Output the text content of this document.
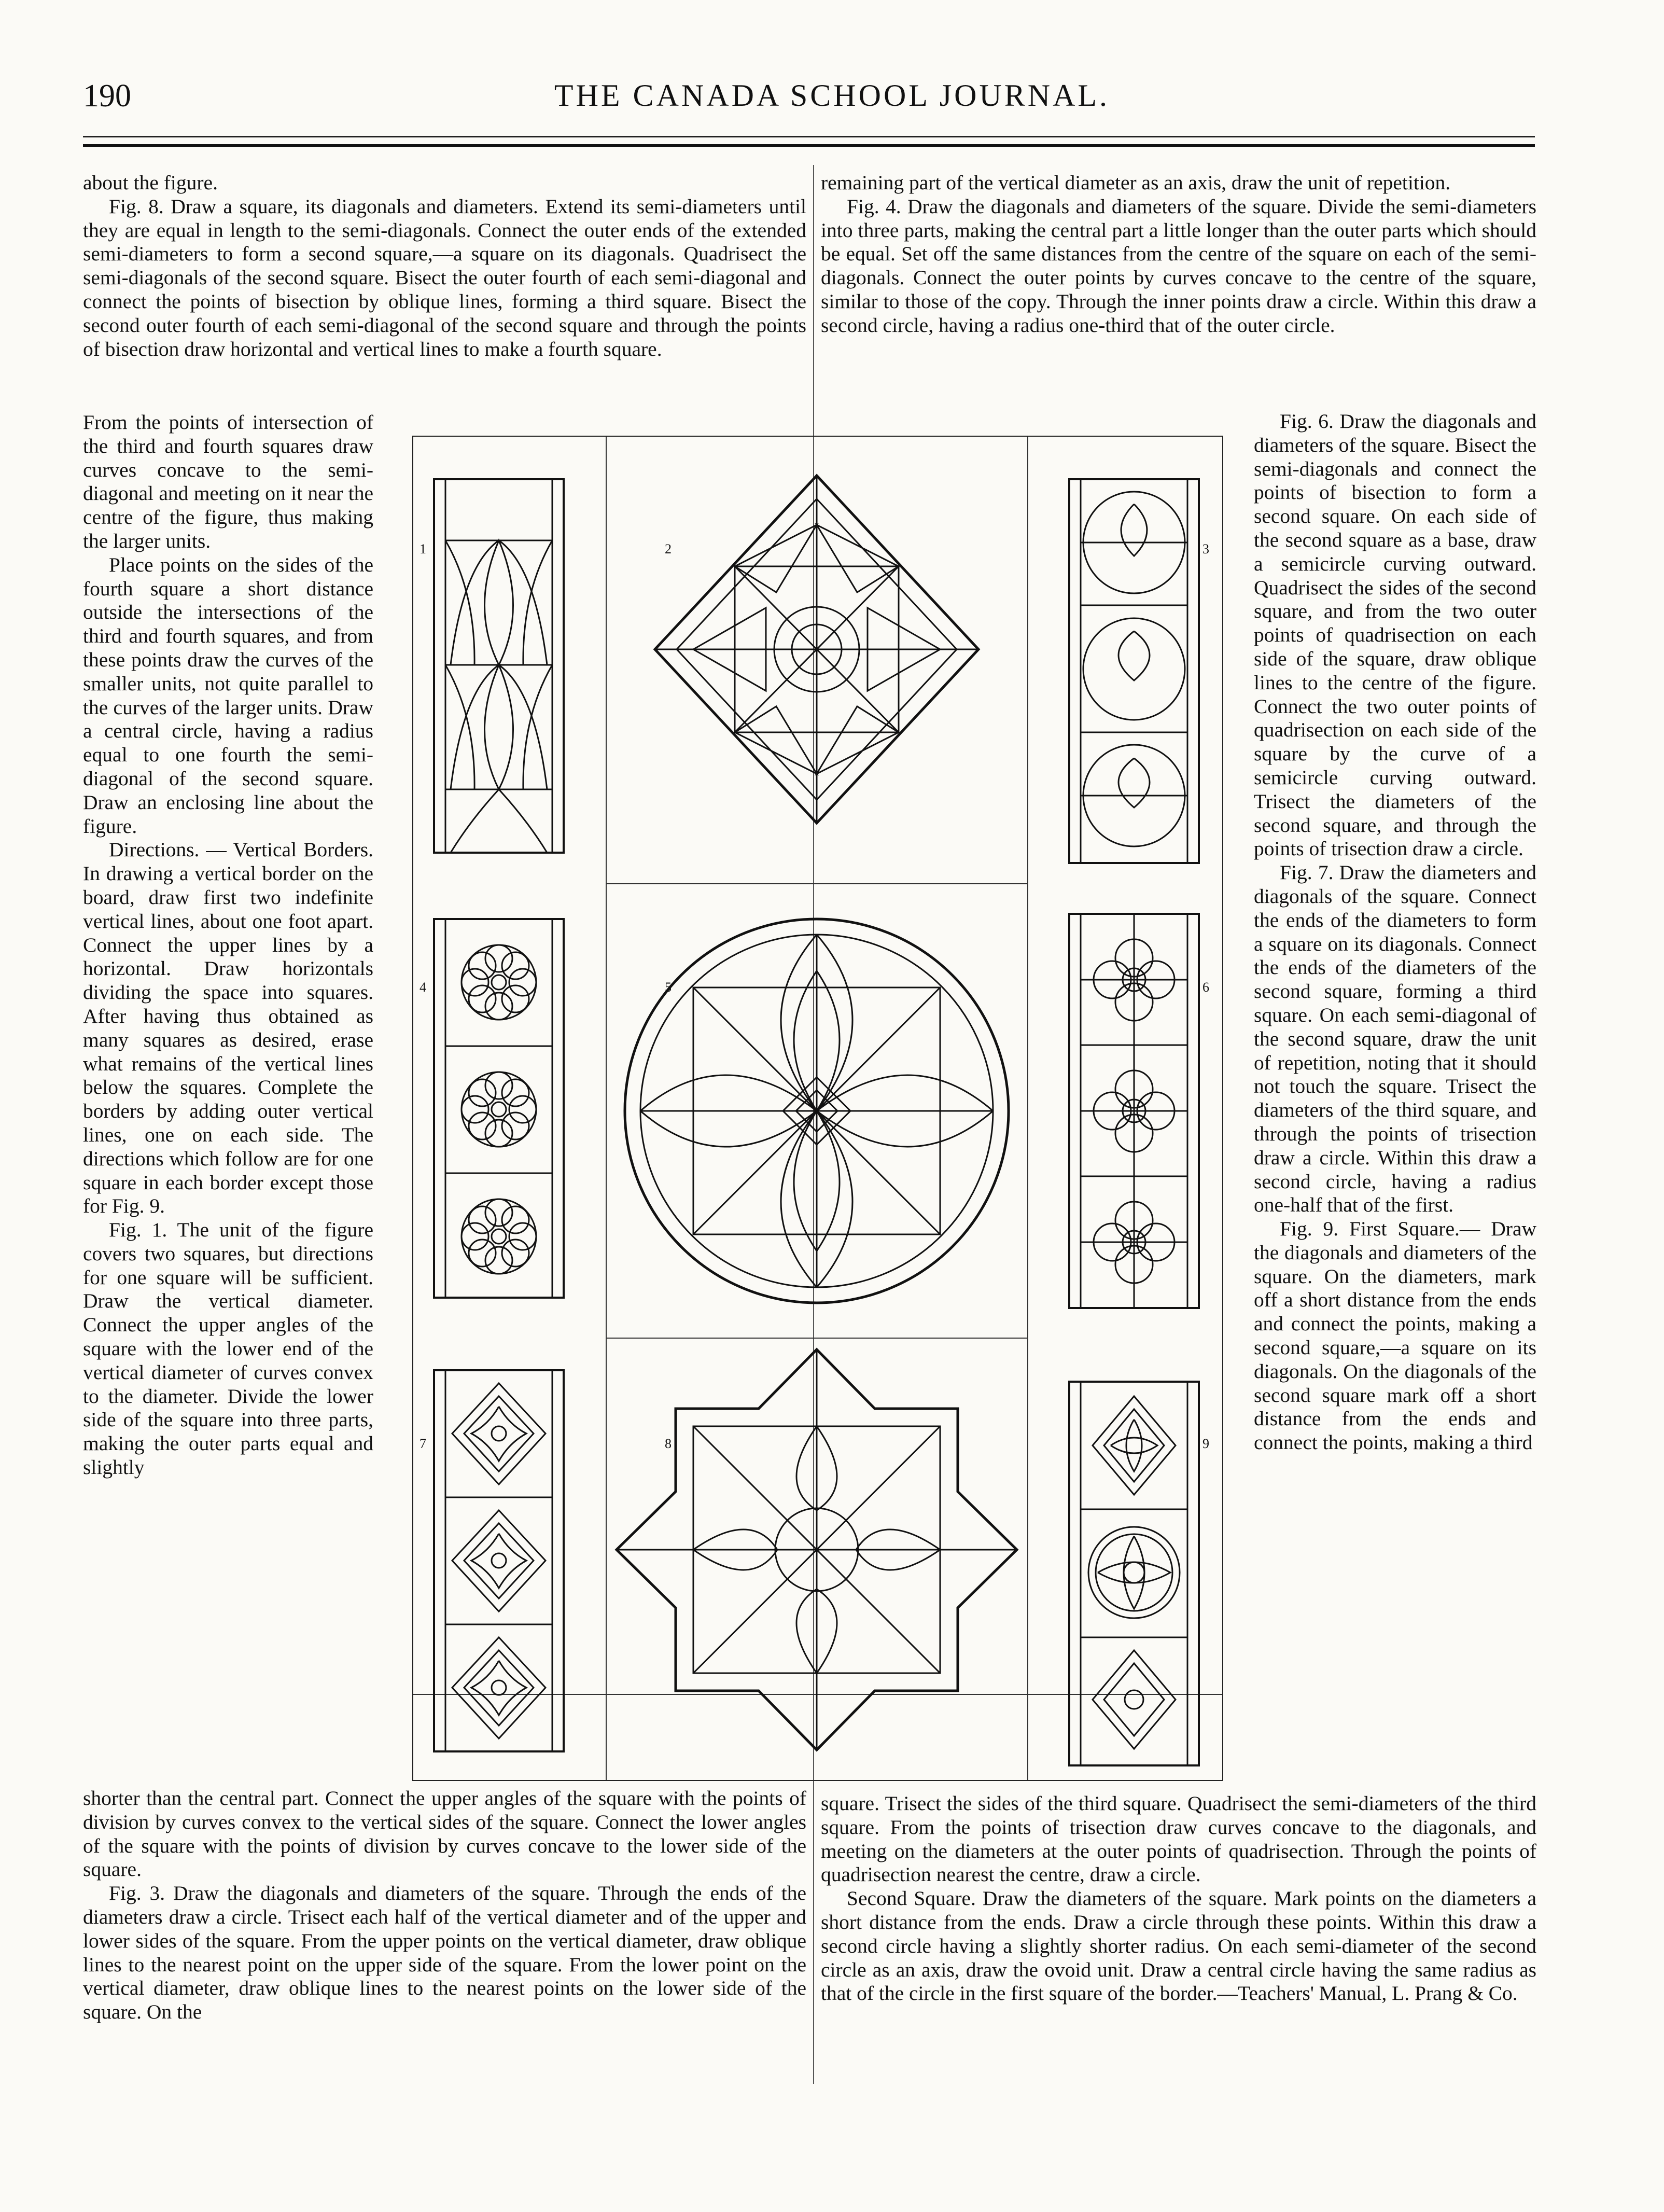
190	THE CANADA SCHOOL JOURNAL.

about the figure.

Fig. 8. Draw a square, its diagonals and diameters. Extend its semi-diameters until they are equal in length to the semi-diagonals. Connect the outer ends of the extended semi-diameters to form a second square,—a square on its diagonals. Quadrisect the semi-diagonals of the second square. Bisect the outer fourth of each semi-diagonal and connect the points of bisection by oblique lines, forming a third square. Bisect the second outer fourth of each semi-diagonal of the second square and through the points of bisection draw horizontal and vertical lines to make a fourth square.

From the points of intersection of the third and fourth squares draw curves concave to the semi-diagonal and meeting on it near the centre of the figure, thus making the larger units.

Place points on the sides of the fourth square a short distance outside the intersections of the third and fourth squares, and from these points draw the curves of the smaller units, not quite parallel to the curves of the larger units. Draw a central circle, having a radius equal to one fourth the semi-diagonal of the second square. Draw an enclosing line about the figure.

Directions. — Vertical Borders. In drawing a vertical border on the board, draw first two indefinite vertical lines, about one foot apart. Connect the upper lines by a horizontal. Draw horizontals dividing the space into squares. After having thus obtained as many squares as desired, erase what remains of the vertical lines below the squares. Complete the borders by adding outer vertical lines, one on each side. The directions which follow are for one square in each border except those for Fig. 9.

Fig. 1. The unit of the figure covers two squares, but directions for one square will be sufficient. Draw the vertical diameter. Connect the upper angles of the square with the lower end of the vertical diameter of curves convex to the diameter. Divide the lower side of the square into three parts, making the outer parts equal and slightly

shorter than the central part. Connect the upper angles of the square with the points of division by curves convex to the vertical sides of the square. Connect the lower angles of the square with the points of division by curves concave to the lower side of the square.

Fig. 3. Draw the diagonals and diameters of the square. Through the ends of the diameters draw a circle. Trisect each half of the vertical diameter and of the upper and lower sides of the square. From the upper points on the vertical diameter, draw oblique lines to the nearest point on the upper side of the square. From the lower point on the vertical diameter, draw oblique lines to the nearest points on the lower side of the square. On the

remaining part of the vertical diameter as an axis, draw the unit of repetition.

Fig. 4. Draw the diagonals and diameters of the square. Divide the semi-diameters into three parts, making the central part a little longer than the outer parts which should be equal. Set off the same distances from the centre of the square on each of the semi-diagonals. Connect the outer points by curves concave to the centre of the square, similar to those of the copy. Through the inner points draw a circle. Within this draw a second circle, having a radius one-third that of the outer circle.

Fig. 6. Draw the diagonals and diameters of the square. Bisect the semi-diagonals and connect the points of bisection to form a second square. On each side of the second square as a base, draw a semicircle curving outward. Quadrisect the sides of the second square, and from the two outer points of quadrisection on each side of the square, draw oblique lines to the centre of the figure. Connect the two outer points of quadrisection on each side of the square by the curve of a semicircle curving outward. Trisect the diameters of the second square, and through the points of trisection draw a circle.

Fig. 7. Draw the diameters and diagonals of the square. Connect the ends of the diameters to form a square on its diagonals. Connect the ends of the diameters of the second square, forming a third square. On each semi-diagonal of the second square, draw the unit of repetition, noting that it should not touch the square. Trisect the diameters of the third square, and through the points of trisection draw a circle. Within this draw a second circle, having a radius one-half that of the first.

Fig. 9. First Square.— Draw the diagonals and diameters of the square. On the diameters, mark off a short distance from the ends and connect the points, making a second square,—a square on its diagonals. On the diagonals of the second square mark off a short distance from the ends and connect the points, making a third

square. Trisect the sides of the third square. Quadrisect the semi-diameters of the third square. From the points of trisection draw curves concave to the diagonals, and meeting on the diameters at the outer points of quadrisection. Through the points of quadrisection nearest the centre, draw a circle.

Second Square. Draw the diameters of the square. Mark points on the diameters a short distance from the ends. Draw a circle through these points. Within this draw a second circle having a slightly shorter radius. On each semi-diameter of the second circle as an axis, draw the ovoid unit. Draw a central circle having the same radius as that of the circle in the first square of the border.—Teachers' Manual, L. Prang & Co.

1	2	3
4	5	6
7	8	9
